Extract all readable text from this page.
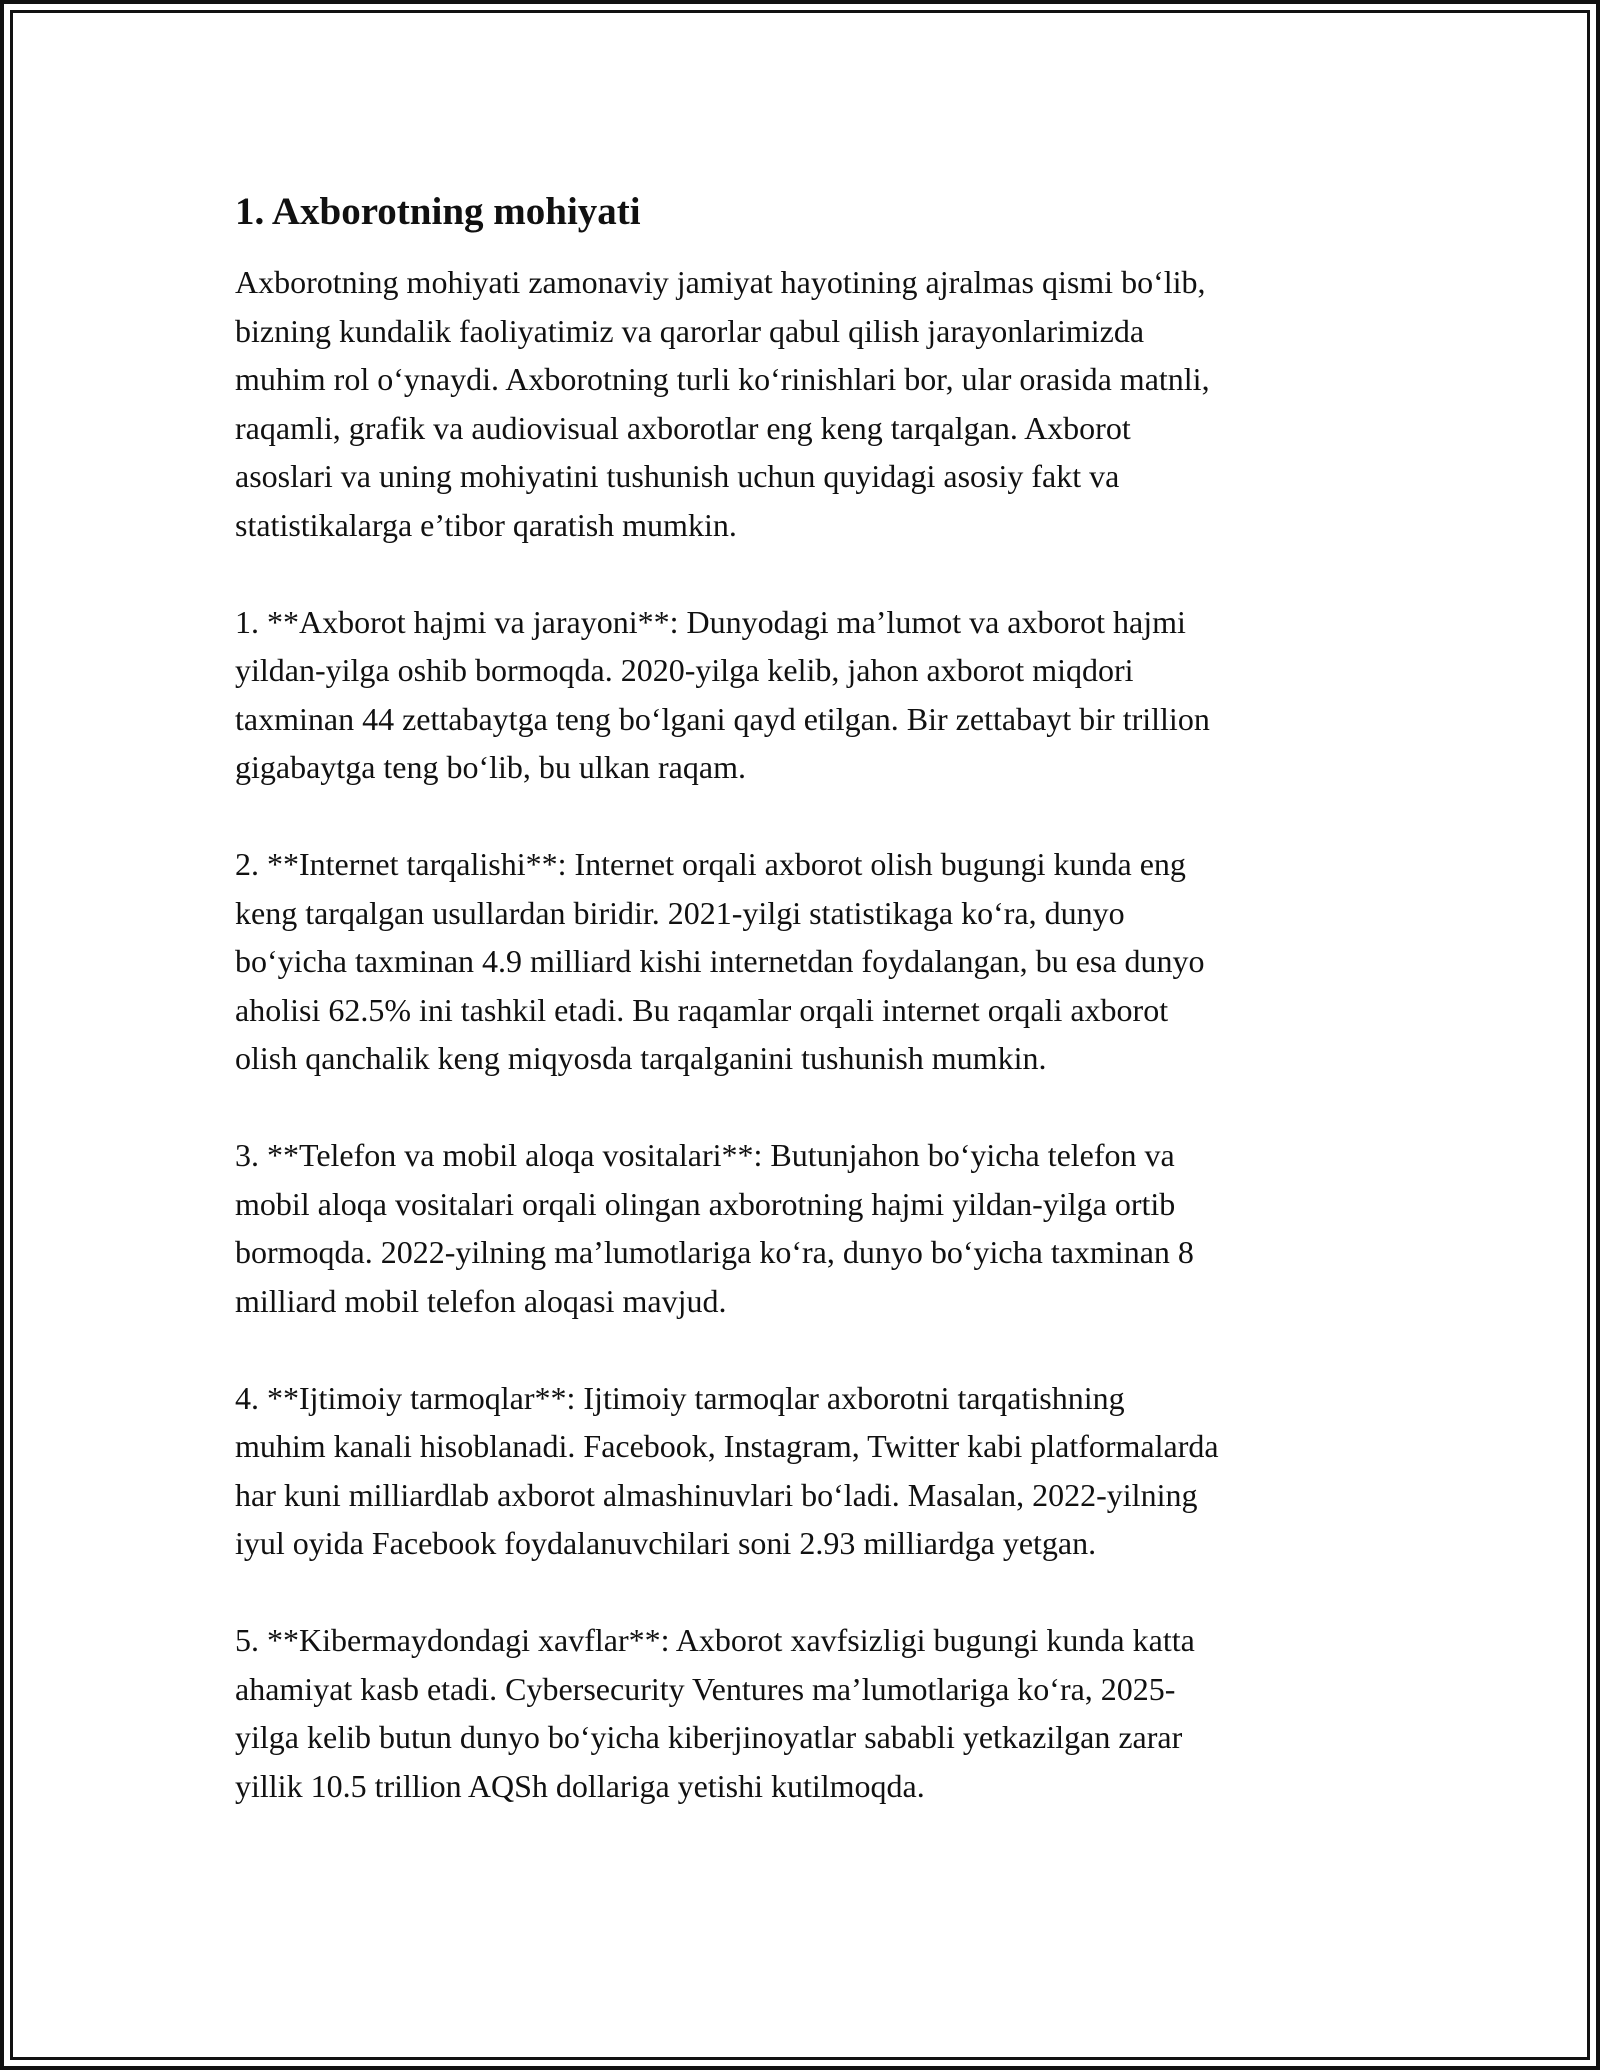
1. Axborotning mohiyati

Axborotning mohiyati zamonaviy jamiyat hayotining ajralmas qismi bo‘lib,
bizning kundalik faoliyatimiz va qarorlar qabul qilish jarayonlarimizda
muhim rol o‘ynaydi. Axborotning turli ko‘rinishlari bor, ular orasida matnli,
raqamli, grafik va audiovisual axborotlar eng keng tarqalgan. Axborot
asoslari va uning mohiyatini tushunish uchun quyidagi asosiy fakt va
statistikalarga e’tibor qaratish mumkin.

1. **Axborot hajmi va jarayoni**: Dunyodagi ma’lumot va axborot hajmi
yildan-yilga oshib bormoqda. 2020-yilga kelib, jahon axborot miqdori
taxminan 44 zettabaytga teng bo‘lgani qayd etilgan. Bir zettabayt bir trillion
gigabaytga teng bo‘lib, bu ulkan raqam.

2. **Internet tarqalishi**: Internet orqali axborot olish bugungi kunda eng
keng tarqalgan usullardan biridir. 2021-yilgi statistikaga ko‘ra, dunyo
bo‘yicha taxminan 4.9 milliard kishi internetdan foydalangan, bu esa dunyo
aholisi 62.5% ini tashkil etadi. Bu raqamlar orqali internet orqali axborot
olish qanchalik keng miqyosda tarqalganini tushunish mumkin.

3. **Telefon va mobil aloqa vositalari**: Butunjahon bo‘yicha telefon va
mobil aloqa vositalari orqali olingan axborotning hajmi yildan-yilga ortib
bormoqda. 2022-yilning ma’lumotlariga ko‘ra, dunyo bo‘yicha taxminan 8
milliard mobil telefon aloqasi mavjud.

4. **Ijtimoiy tarmoqlar**: Ijtimoiy tarmoqlar axborotni tarqatishning
muhim kanali hisoblanadi. Facebook, Instagram, Twitter kabi platformalarda
har kuni milliardlab axborot almashinuvlari bo‘ladi. Masalan, 2022-yilning
iyul oyida Facebook foydalanuvchilari soni 2.93 milliardga yetgan.

5. **Kibermaydondagi xavflar**: Axborot xavfsizligi bugungi kunda katta
ahamiyat kasb etadi. Cybersecurity Ventures ma’lumotlariga ko‘ra, 2025-
yilga kelib butun dunyo bo‘yicha kiberjinoyatlar sababli yetkazilgan zarar
yillik 10.5 trillion AQSh dollariga yetishi kutilmoqda.
